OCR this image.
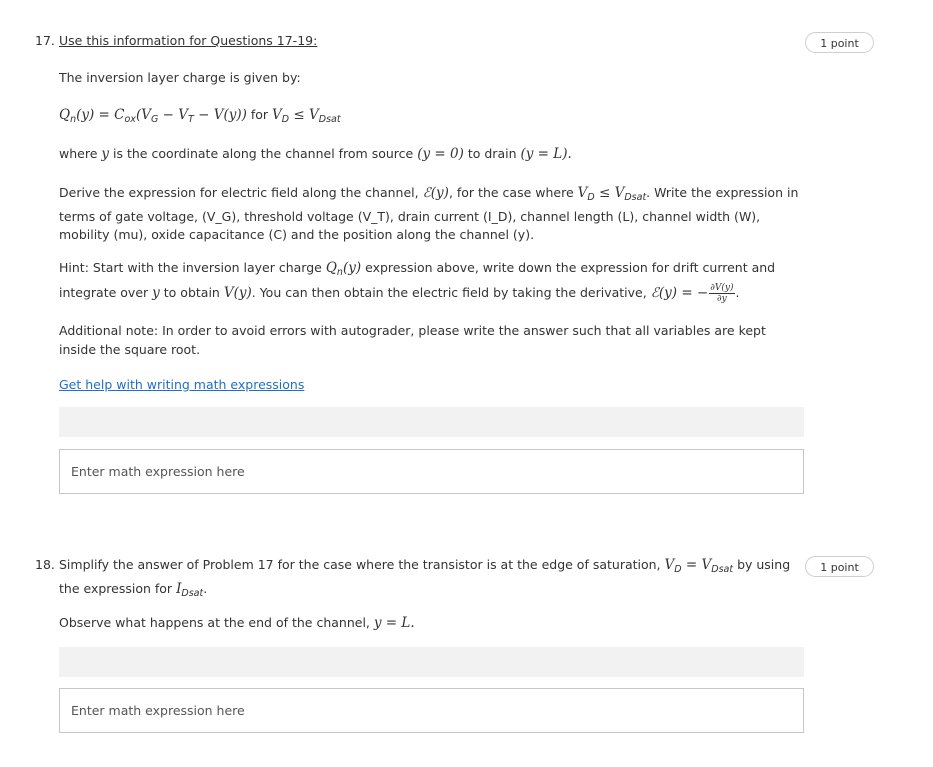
17. Use this information for Questions 17-19:	1 point
The inversion layer charge is given by:
$Q_n(y) = C_{ox}(V_G - V_T - V(y))$ for $V_D \le V_{Dsat}$
where y is the coordinate along the channel from source (y = 0) to drain (y = L).
Derive the expression for electric field along the channel, ℰ(y), for the case where $V_D \le V_{Dsat}$. Write the expression in terms of gate voltage, (V_G), threshold voltage (V_T), drain current (I_D), channel length (L), channel width (W), mobility (mu), oxide capacitance (C) and the position along the channel (y).
Hint: Start with the inversion layer charge $Q_n(y)$ expression above, write down the expression for drift current and integrate over y to obtain V(y). You can then obtain the electric field by taking the derivative, ℰ(y) = − $\frac{\partial V(y)}{\partial y}$ .
Additional note: In order to avoid errors with autograder, please write the answer such that all variables are kept inside the square root.
Get help with writing math expressions
Enter math expression here
18.	1 point
Simplify the answer of Problem 17 for the case where the transistor is at the edge of saturation, $V_D = V_{Dsat}$ by using the expression for $I_{Dsat}$.
Observe what happens at the end of the channel, y = L.
Enter math expression here
